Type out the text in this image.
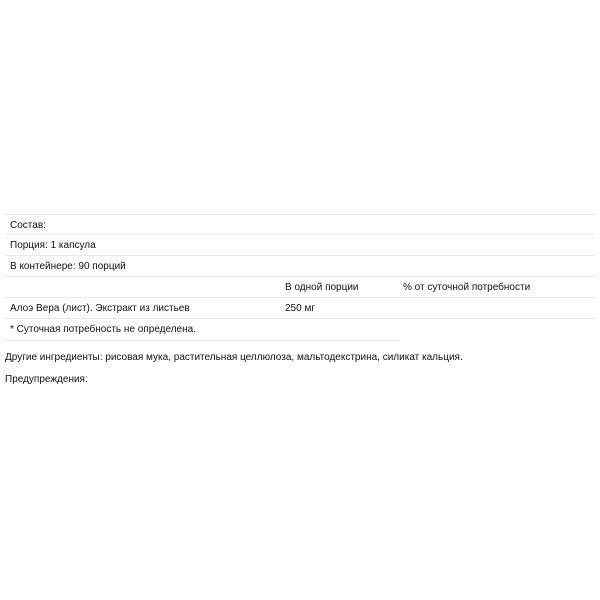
Состав:
Порция: 1 капсула
В контейнере: 90 порций
В одной порции	% от суточной потребности
Алоэ Вера (лист). Экстракт из листьев	250 мг
* Суточная потребность не определена.
Другие ингредиенты: рисовая мука, растительная целлюлоза, мальтодекстрина, силикат кальция.
Предупреждения:
